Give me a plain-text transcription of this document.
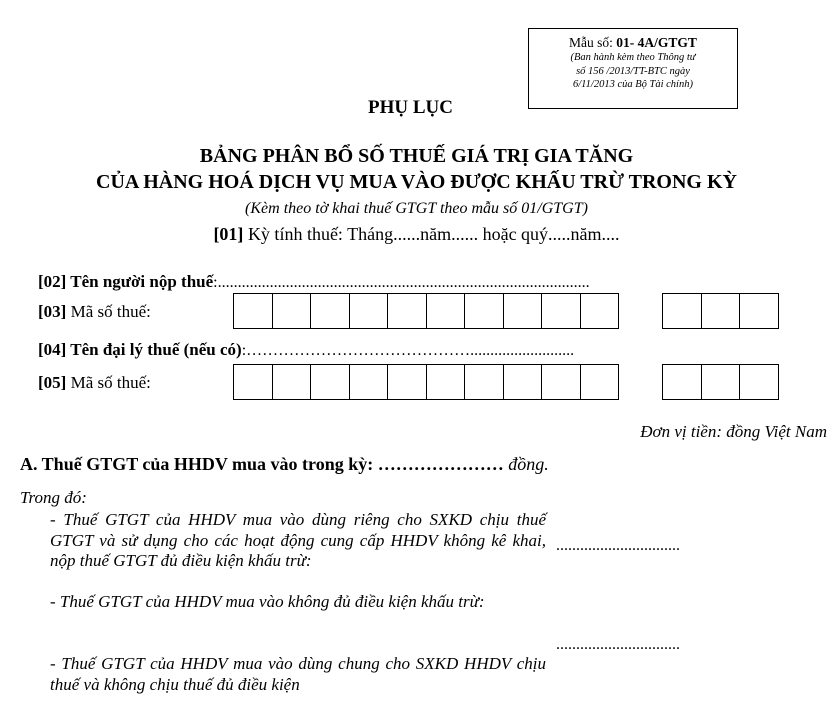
Mẫu số: 01- 4A/GTGT
(Ban hành kèm theo Thông tư
số 156 /2013/TT-BTC ngày
6/11/2013 của Bộ Tài chính)
PHỤ LỤC
BẢNG PHÂN BỔ SỐ THUẾ GIÁ TRỊ GIA TĂNG
CỦA HÀNG HOÁ DỊCH VỤ MUA VÀO ĐƯỢC KHẤU TRỪ TRONG KỲ
(Kèm theo tờ khai thuế GTGT theo mẫu số 01/GTGT)
[01] Kỳ tính thuế: Tháng......năm...... hoặc quý.....năm....
[02] Tên người nộp thuế:.............................................................................................
[03] Mã số thuế:
[04] Tên đại lý thuế (nếu có):……………………………………..........................
[05] Mã số thuế:
Đơn vị tiền: đồng Việt Nam
A. Thuế GTGT của HHDV mua vào trong kỳ: ………………… đồng.
Trong đó:
- Thuế GTGT của HHDV mua vào dùng riêng cho SXKD chịu thuế GTGT và sử dụng cho các hoạt động cung cấp HHDV không kê khai, nộp thuế GTGT đủ điều kiện khấu trừ:
...............................
- Thuế GTGT của HHDV mua vào không đủ điều kiện khấu trừ:
...............................
- Thuế GTGT của HHDV mua vào dùng chung cho SXKD HHDV chịu thuế và không chịu thuế đủ điều kiện
